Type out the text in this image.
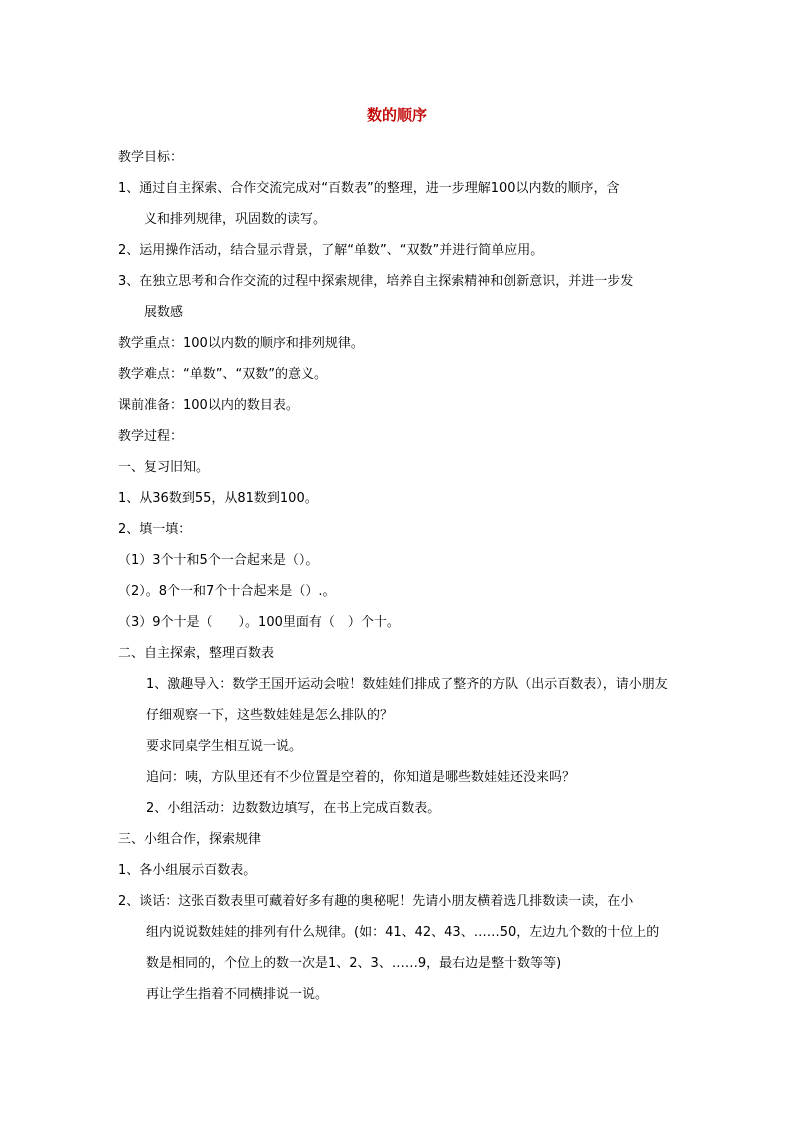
数的顺序
教学目标：
1、通过自主探索、合作交流完成对“百数表”的整理，进一步理解100以内数的顺序，含
义和排列规律，巩固数的读写。
2、运用操作活动，结合显示背景，了解“单数”、“双数”并进行简单应用。
3、在独立思考和合作交流的过程中探索规律，培养自主探索精神和创新意识，并进一步发
展数感
教学重点：100以内数的顺序和排列规律。
教学难点：“单数”、“双数”的意义。
课前准备：100以内的数目表。
教学过程：
一、复习旧知。
1、从36数到55，从81数到100。
2、填一填：
（1）3个十和5个一合起来是（）。
（2）。8个一和7个十合起来是（）.。
（3）9个十是（　　）。100里面有（　）个十。
二、自主探索，整理百数表
1、激趣导入：数学王国开运动会啦！数娃娃们排成了整齐的方队（出示百数表），请小朋友
仔细观察一下，这些数娃娃是怎么排队的？
要求同桌学生相互说一说。
追问：咦，方队里还有不少位置是空着的，你知道是哪些数娃娃还没来吗？
2、小组活动：边数数边填写，在书上完成百数表。
三、小组合作，探索规律
1、各小组展示百数表。
2、谈话：这张百数表里可藏着好多有趣的奥秘呢！先请小朋友横着选几排数读一读，在小
组内说说数娃娃的排列有什么规律。(如：41、42、43、……50，左边九个数的十位上的
数是相同的，个位上的数一次是1、2、3、……9，最右边是整十数等等)
再让学生指着不同横排说一说。
